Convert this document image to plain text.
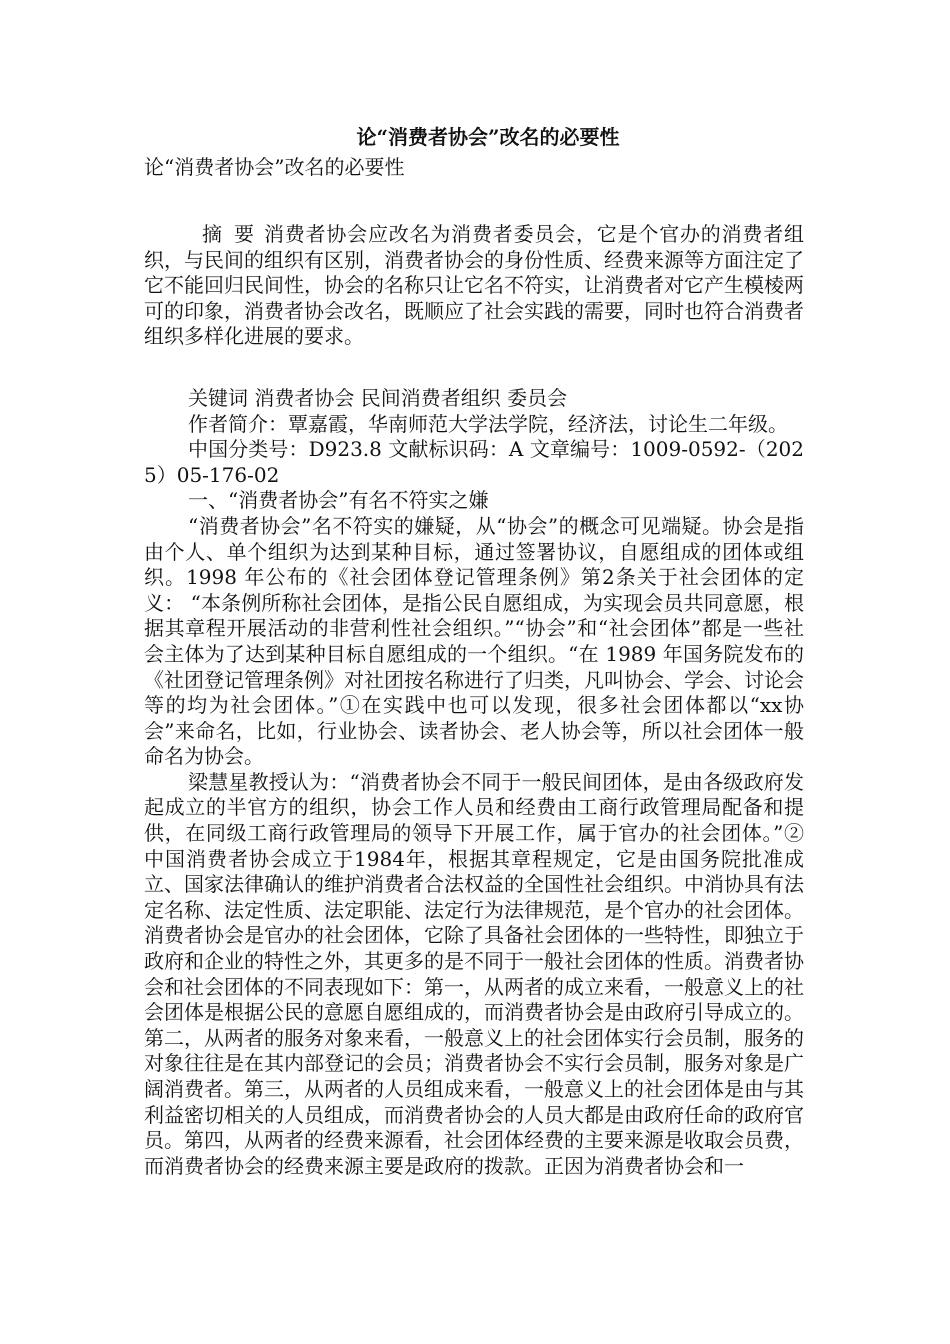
论“消费者协会”改名的必要性
论“消费者协会”改名的必要性

摘 要 消费者协会应改名为消费者委员会，它是个官办的消费者组织，与民间的组织有区别，消费者协会的身份性质、经费来源等方面注定了它不能回归民间性，协会的名称只让它名不符实，让消费者对它产生模棱两可的印象，消费者协会改名，既顺应了社会实践的需要，同时也符合消费者组织多样化进展的要求。

关键词 消费者协会 民间消费者组织 委员会

作者简介：覃嘉霞，华南师范大学法学院，经济法，讨论生二年级。

中国分类号：D923.8 文献标识码：A 文章编号：1009-0592-（2025）05-176-02

一、“消费者协会”有名不符实之嫌

“消费者协会”名不符实的嫌疑，从“协会”的概念可见端疑。协会是指由个人、单个组织为达到某种目标，通过签署协议，自愿组成的团体或组织。1998 年公布的《社会团体登记管理条例》第2条关于社会团体的定义： “本条例所称社会团体，是指公民自愿组成，为实现会员共同意愿，根据其章程开展活动的非营利性社会组织。”“协会”和“社会团体”都是一些社会主体为了达到某种目标自愿组成的一个组织。“在 1989 年国务院发布的《社团登记管理条例》对社团按名称进行了归类，凡叫协会、学会、讨论会等的均为社会团体。”①在实践中也可以发现，很多社会团体都以“xx协会”来命名，比如，行业协会、读者协会、老人协会等，所以社会团体一般命名为协会。

梁慧星教授认为：“消费者协会不同于一般民间团体，是由各级政府发起成立的半官方的组织，协会工作人员和经费由工商行政管理局配备和提供，在同级工商行政管理局的领导下开展工作，属于官办的社会团体。”②中国消费者协会成立于1984年，根据其章程规定，它是由国务院批准成立、国家法律确认的维护消费者合法权益的全国性社会组织。中消协具有法定名称、法定性质、法定职能、法定行为法律规范，是个官办的社会团体。消费者协会是官办的社会团体，它除了具备社会团体的一些特性，即独立于政府和企业的特性之外，其更多的是不同于一般社会团体的性质。消费者协会和社会团体的不同表现如下：第一，从两者的成立来看，一般意义上的社会团体是根据公民的意愿自愿组成的，而消费者协会是由政府引导成立的。第二，从两者的服务对象来看，一般意义上的社会团体实行会员制，服务的对象往往是在其内部登记的会员；消费者协会不实行会员制，服务对象是广阔消费者。第三，从两者的人员组成来看，一般意义上的社会团体是由与其利益密切相关的人员组成，而消费者协会的人员大都是由政府任命的政府官员。第四，从两者的经费来源看，社会团体经费的主要来源是收取会员费，而消费者协会的经费来源主要是政府的拨款。正因为消费者协会和一
